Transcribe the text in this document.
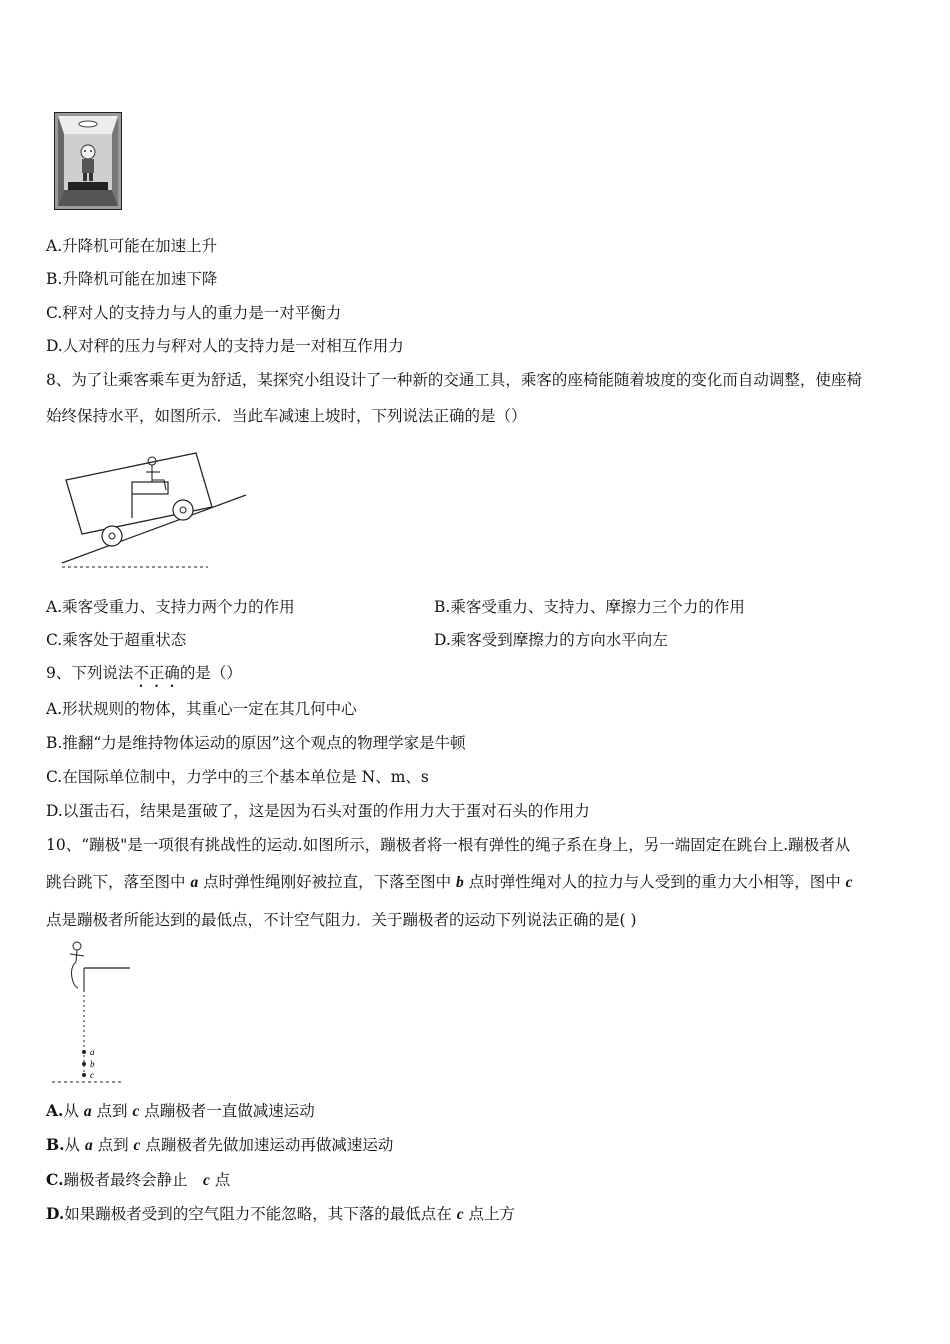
A.升降机可能在加速上升
B.升降机可能在加速下降
C.秤对人的支持力与人的重力是一对平衡力
D.人对秤的压力与秤对人的支持力是一对相互作用力
8、为了让乘客乘车更为舒适，某探究小组设计了一种新的交通工具，乘客的座椅能随着坡度的变化而自动调整，使座椅
始终保持水平，如图所示．当此车减速上坡时，下列说法正确的是（）
A.乘客受重力、支持力两个力的作用	B.乘客受重力、支持力、摩擦力三个力的作用
C.乘客处于超重状态	D.乘客受到摩擦力的方向水平向左
9、下列说法不正确的是（）
A.形状规则的物体，其重心一定在其几何中心
B.推翻“力是维持物体运动的原因”这个观点的物理学家是牛顿
C.在国际单位制中，力学中的三个基本单位是 N、m、s
D.以蛋击石，结果是蛋破了，这是因为石头对蛋的作用力大于蛋对石头的作用力
10、“蹦极"是一项很有挑战性的运动.如图所示，蹦极者将一根有弹性的绳子系在身上，另一端固定在跳台上.蹦极者从
跳台跳下，落至图中 a 点时弹性绳刚好被拉直，下落至图中 b 点时弹性绳对人的拉力与人受到的重力大小相等，图中 c
点是蹦极者所能达到的最低点，不计空气阻力．关于蹦极者的运动下列说法正确的是( )
a
b
c
A.从 a 点到 c 点蹦极者一直做减速运动
B.从 a 点到 c 点蹦极者先做加速运动再做减速运动
C.蹦极者最终会静止　c 点
D.如果蹦极者受到的空气阻力不能忽略，其下落的最低点在 c 点上方
